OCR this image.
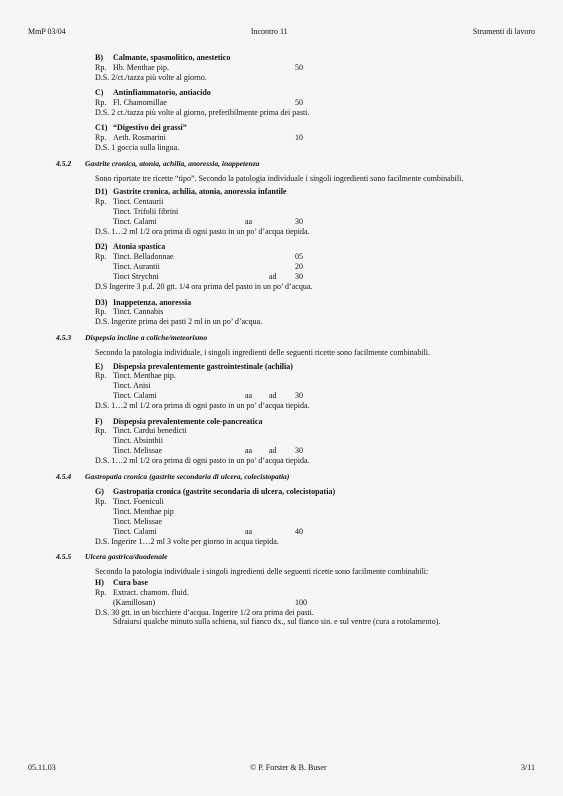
MmP 03/04	Incontro 11	Strumenti di lavoro
B) Calmante, spasmolitico, anestetico
Rp. Hb. Menthae pip.	50
D.S. 2/ct./tazza più volte al giorno.
C) Antinfiammatorio, antiacido
Rp. Fl. Chamomillae	50
D.S. 2 ct./tazza più volte al giorno, preferibilmente prima dei pasti.
C1) “Digestivo dei grassi”
Rp. Aeth. Rosmarini	10
D.S. 1 goccia sulla lingua.
4.5.2 Gastrite cronica, atonia, achilia, anoressia, inappetenza
Sono riportate tre ricette “tipo”. Secondo la patologia individuale i singoli ingredienti sono facilmente combinabili.
D1) Gastrite cronica, achilia, atonia, anoressia infantile
Rp. Tinct. Centaurii
Tinct. Trifolii fibrini
Tinct. Calami	aa	30
D.S. 1…2 ml 1/2 ora prima di ogni pasto in un po’ d’acqua tiepida.
D2) Atonia spastica
Rp. Tinct. Belladonnae	05
Tinct. Aurantii	20
Tinct Strychni	ad 30
D.S Ingerire 3 p.d. 20 gtt. 1/4 ora prima del pasto in un po’ d’acqua.
D3) Inappetenza, anoressia
Rp. Tinct. Cannabis
D.S. Ingerire prima dei pasti 2 ml in un po’ d’acqua.
4.5.3 Dispepsia incline a coliche/meteorismo
Secondo la patologia individuale, i singoli ingredienti delle seguenti ricette sono facilmente combinabili.
E) Dispepsia prevalentemente gastrointestinale (achilia)
Rp. Tinct. Menthae pip.
Tinct. Anisi
Tinct. Calami	aa ad 30
D.S. 1…2 ml 1/2 ora prima di ogni pasto in un po’ d’acqua tiepida.
F) Dispepsia prevalentemente cole-pancreatica
Rp. Tinct. Cardui benedicti
Tinct. Absinthii
Tinct. Melissae	aa ad 30
D.S. 1…2 ml 1/2 ora prima di ogni pasto in un po’ d’acqua tiepida.
4.5.4 Gastropatia cronica (gastrite secondaria di ulcera, colecistopatia)
G) Gastropatia cronica (gastrite secondaria di ulcera, colecistopatia)
Rp. Tinct. Foeniculi
Tinct. Menthae pip
Tinct. Melissae
Tinct. Calami	aa	40
D.S. Ingerire 1…2 ml 3 volte per giorno in acqua tiepida.
4.5.5 Ulcera gastrica/duodenale
Secondo la patologia individuale i singoli ingredienti delle seguenti ricette sono facilmente combinabili:
H) Cura base
Rp. Extract. chamom. fluid.
(Kamillosan)	100
D.S. 30 gtt. in un bicchiere d’acqua. Ingerire 1/2 ora prima dei pasti.
Sdraiarsi qualche minuto sulla schiena, sul fianco dx., sul fianco sin. e sul ventre (cura a rotolamento).
05.11.03	© P. Forster & B. Buser	3/11
